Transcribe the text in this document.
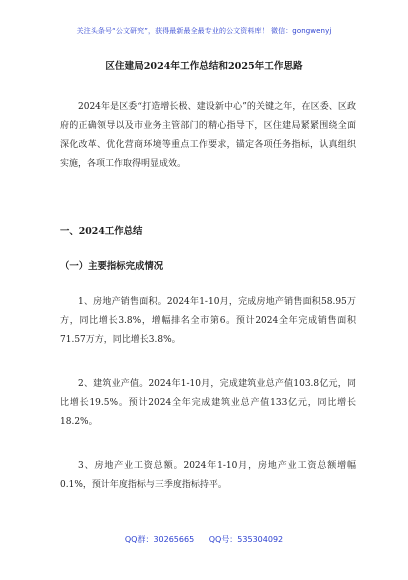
关注头条号“公文研究”，获得最新最全最专业的公文资料库！ 微信：gongwenyj
区住建局2024年工作总结和2025年工作思路

2024年是区委“打造增长极、建设新中心”的关键之年，在区委、区政府的正确领导以及市业务主管部门的精心指导下，区住建局紧紧围绕全面深化改革、优化营商环境等重点工作要求，锚定各项任务指标，认真组织实施，各项工作取得明显成效。

一、2024工作总结
（一）主要指标完成情况

1、房地产销售面积。2024年1-10月，完成房地产销售面积58.95万方，同比增长3.8%，增幅排名全市第6。预计2024全年完成销售面积71.57万方，同比增长3.8%。

2、建筑业产值。2024年1-10月，完成建筑业总产值103.8亿元，同比增长19.5%。预计2024全年完成建筑业总产值133亿元，同比增长18.2%。

3、房地产业工资总额。2024年1-10月，房地产业工资总额增幅0.1%，预计年度指标与三季度指标持平。

QQ群：30265665 QQ号：535304092
